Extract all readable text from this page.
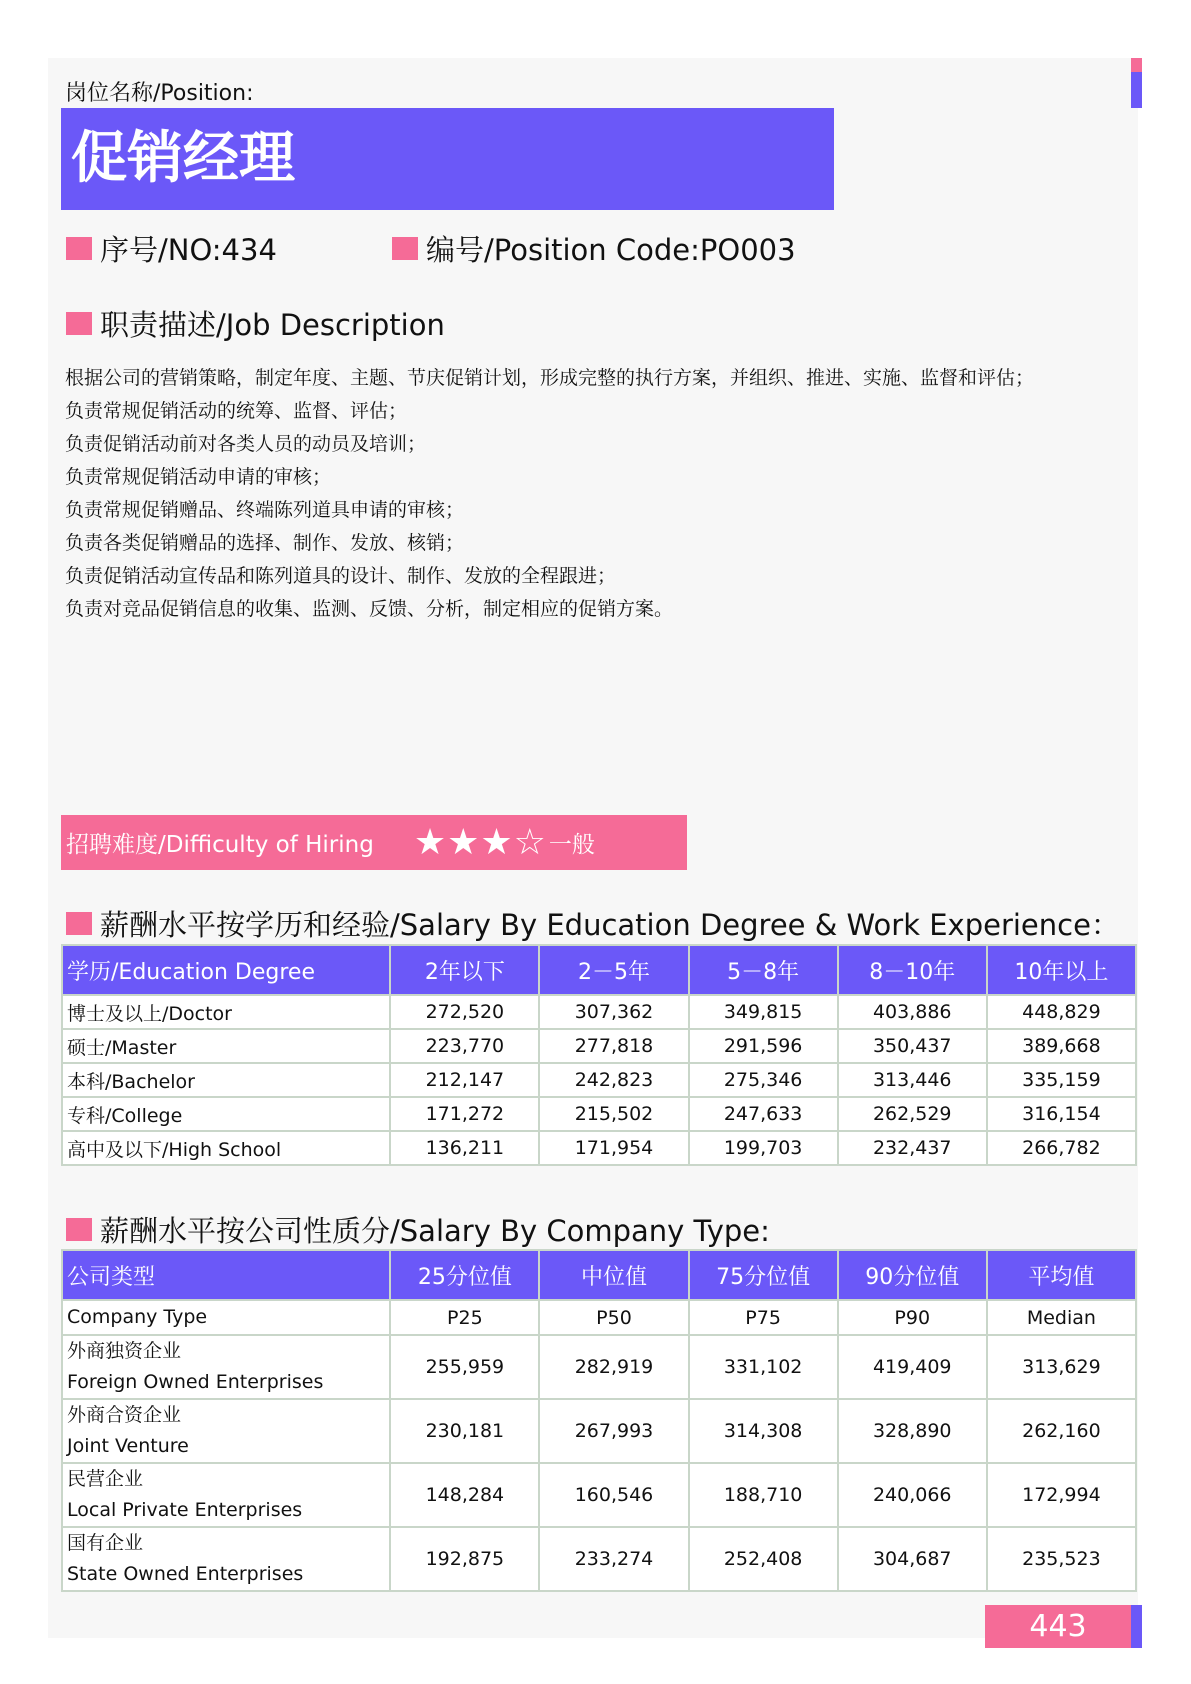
岗位名称/Position:
促销经理
序号/NO:434	编号/Position Code:PO003
职责描述/Job Description
根据公司的营销策略，制定年度、主题、节庆促销计划，形成完整的执行方案，并组织、推进、实施、监督和评估；
负责常规促销活动的统筹、监督、评估；
负责促销活动前对各类人员的动员及培训；
负责常规促销活动申请的审核；
负责常规促销赠品、终端陈列道具申请的审核；
负责各类促销赠品的选择、制作、发放、核销；
负责促销活动宣传品和陈列道具的设计、制作、发放的全程跟进；
负责对竞品促销信息的收集、监测、反馈、分析，制定相应的促销方案。
招聘难度/Difficulty of Hiring ★★★☆ 一般
薪酬水平按学历和经验/Salary By Education Degree & Work Experience：
学历/Education Degree	2年以下	2－5年	5－8年	8－10年	10年以上
博士及以上/Doctor	272,520	307,362	349,815	403,886	448,829
硕士/Master	223,770	277,818	291,596	350,437	389,668
本科/Bachelor	212,147	242,823	275,346	313,446	335,159
专科/College	171,272	215,502	247,633	262,529	316,154
高中及以下/High School	136,211	171,954	199,703	232,437	266,782
薪酬水平按公司性质分/Salary By Company Type:
公司类型	25分位值	中位值	75分位值	90分位值	平均值
Company Type	P25	P50	P75	P90	Median

外商独资企业
Foreign Owned Enterprises	255,959	282,919	331,102	419,409	313,629

外商合资企业
Joint Venture	230,181	267,993	314,308	328,890	262,160

民营企业
Local Private Enterprises	148,284	160,546	188,710	240,066	172,994

国有企业
State Owned Enterprises	192,875	233,274	252,408	304,687	235,523
443
